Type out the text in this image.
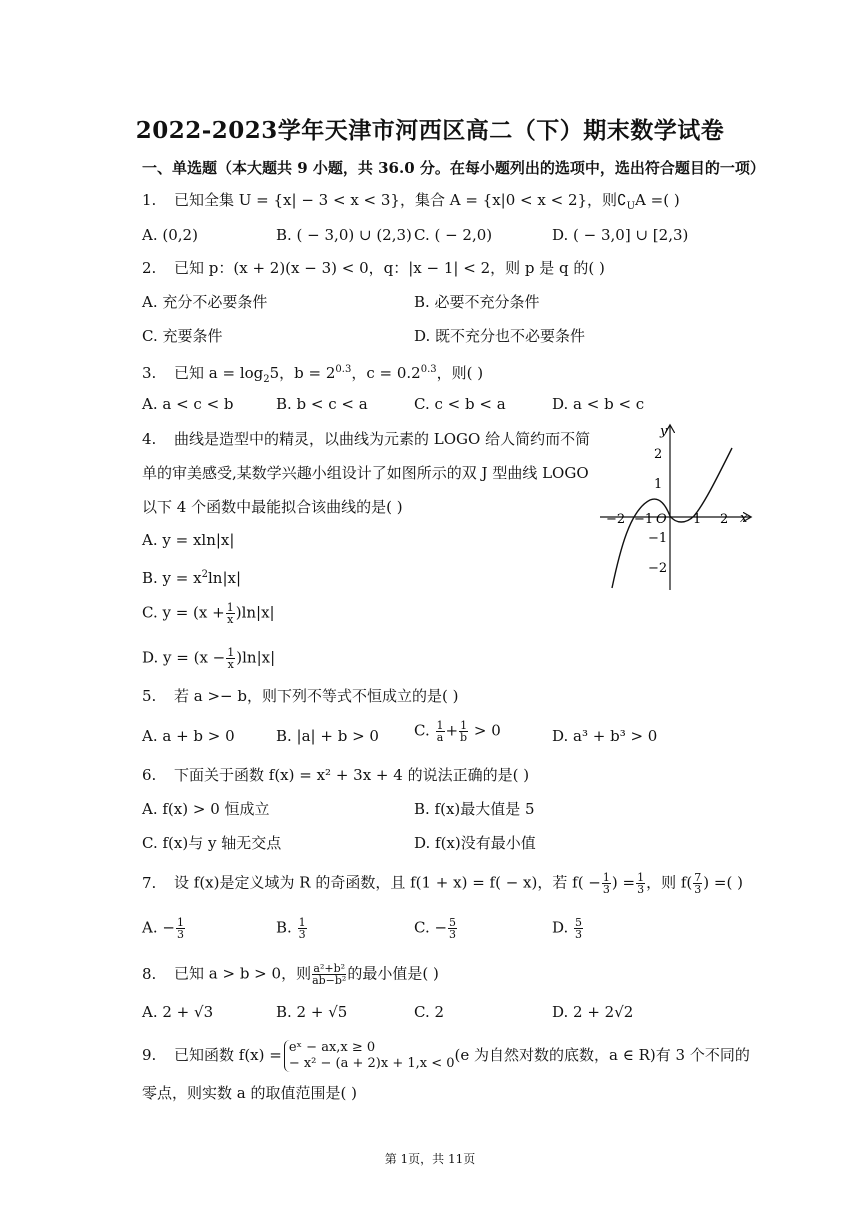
2022-2023学年天津市河西区高二（下）期末数学试卷
一、单选题（本大题共 9 小题，共 36.0 分。在每小题列出的选项中，选出符合题目的一项）
1. 已知全集 U = {x| − 3 < x < 3}，集合 A = {x|0 < x < 2}，则$∁_UA$ =( )
A. (0,2)	B. ( − 3,0) ∪ (2,3) C. ( − 2,0)	D. ( − 3,0] ∪ [2,3)
2. 已知 p：(x + 2)(x − 3) < 0，q：|x − 1| < 2，则 p 是 q 的( )
A. 充分不必要条件	B. 必要不充分条件
C. 充要条件	D. 既不充分也不必要条件
3. 已知 $a = \log_25$，$b = 2^{0.3}$，$c = 0.2^{0.3}$，则( )
A. a < c < b	B. b < c < a	C. c < b < a	D. a < b < c
4. 曲线是造型中的精灵，以曲线为元素的 LOGO 给人简约而不简
单的审美感受,某数学兴趣小组设计了如图所示的双 J 型曲线 LOGO
以下 4 个函数中最能拟合该曲线的是( )
A. y = xln|x|
B. $y = x^2\ln|x|$
C. $y = (x + \frac{1}{x} )\ln|x|$
D. $y = (x - \frac{1}{x} )\ln|x|$
y
x
O
−2 −1	1 2
2
1
−1
−2
5. 若 a >− b，则下列不等式不恒成立的是( )
A. a + b > 0	B. |a| + b > 0 C. $\frac{1}{a} + \frac{1}{b} > 0$	D. a³ + b³ > 0
6. 下面关于函数 f(x) = x² + 3x + 4 的说法正确的是( )
A. f(x) > 0 恒成立	B. f(x)最大值是 5
C. f(x)与 y 轴无交点	D. f(x)没有最小值
7. 设 f(x)是定义域为 R 的奇函数，且 f(1 + x) = f( − x)，若 $f( - \frac{1}{3}$ ) = $\frac{1}{3}$ ，则 $f( \frac{7}{3}$ ) =( )
A. − $\frac{1}{3}$	B. $\frac{1}{3}$	C. − $\frac{5}{3}$	D. $\frac{5}{3}$
8. 已知 a > b > 0，则 $\frac{\text{a²+b²}}{\text{ab−b²}}$ 的最小值是( )
A. 2 + √3	B. 2 + √5	C. 2	D. 2 + 2√2
9. 已知函数 f(x) = eˣ − ax,x ≥ 0
− x² − (a + 2)x + 1,x < 0 (e 为自然对数的底数，a ∈ R)有 3 个不同的
零点，则实数 a 的取值范围是( )
第 1页，共 11页
